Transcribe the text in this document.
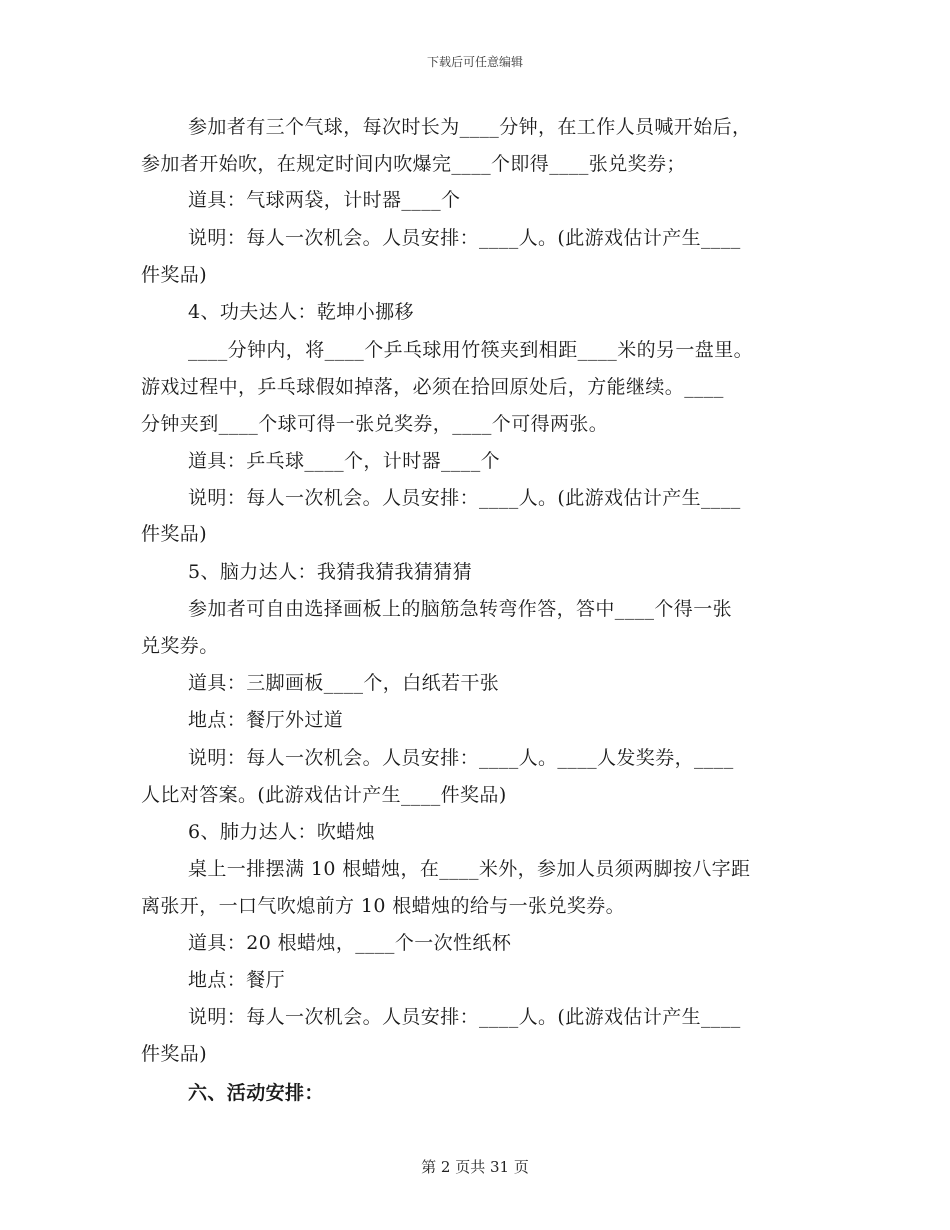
下载后可任意编辑
参加者有三个气球，每次时长为____分钟，在工作人员喊开始后，
参加者开始吹，在规定时间内吹爆完____个即得____张兑奖券；
道具：气球两袋，计时器____个
说明：每人一次机会。人员安排：____人。(此游戏估计产生____
件奖品)
4、功夫达人：乾坤小挪移
____分钟内，将____个乒乓球用竹筷夹到相距____米的另一盘里。
游戏过程中，乒乓球假如掉落，必须在拾回原处后，方能继续。____
分钟夹到____个球可得一张兑奖券，____个可得两张。
道具：乒乓球____个，计时器____个
说明：每人一次机会。人员安排：____人。(此游戏估计产生____
件奖品)
5、脑力达人：我猜我猜我猜猜猜
参加者可自由选择画板上的脑筋急转弯作答，答中____个得一张
兑奖券。
道具：三脚画板____个，白纸若干张
地点：餐厅外过道
说明：每人一次机会。人员安排：____人。____人发奖券，____
人比对答案。(此游戏估计产生____件奖品)
6、肺力达人：吹蜡烛
桌上一排摆满 10 根蜡烛，在____米外，参加人员须两脚按八字距
离张开，一口气吹熄前方 10 根蜡烛的给与一张兑奖券。
道具：20 根蜡烛，____个一次性纸杯
地点：餐厅
说明：每人一次机会。人员安排：____人。(此游戏估计产生____
件奖品)
六、活动安排：
第 2 页共 31 页
